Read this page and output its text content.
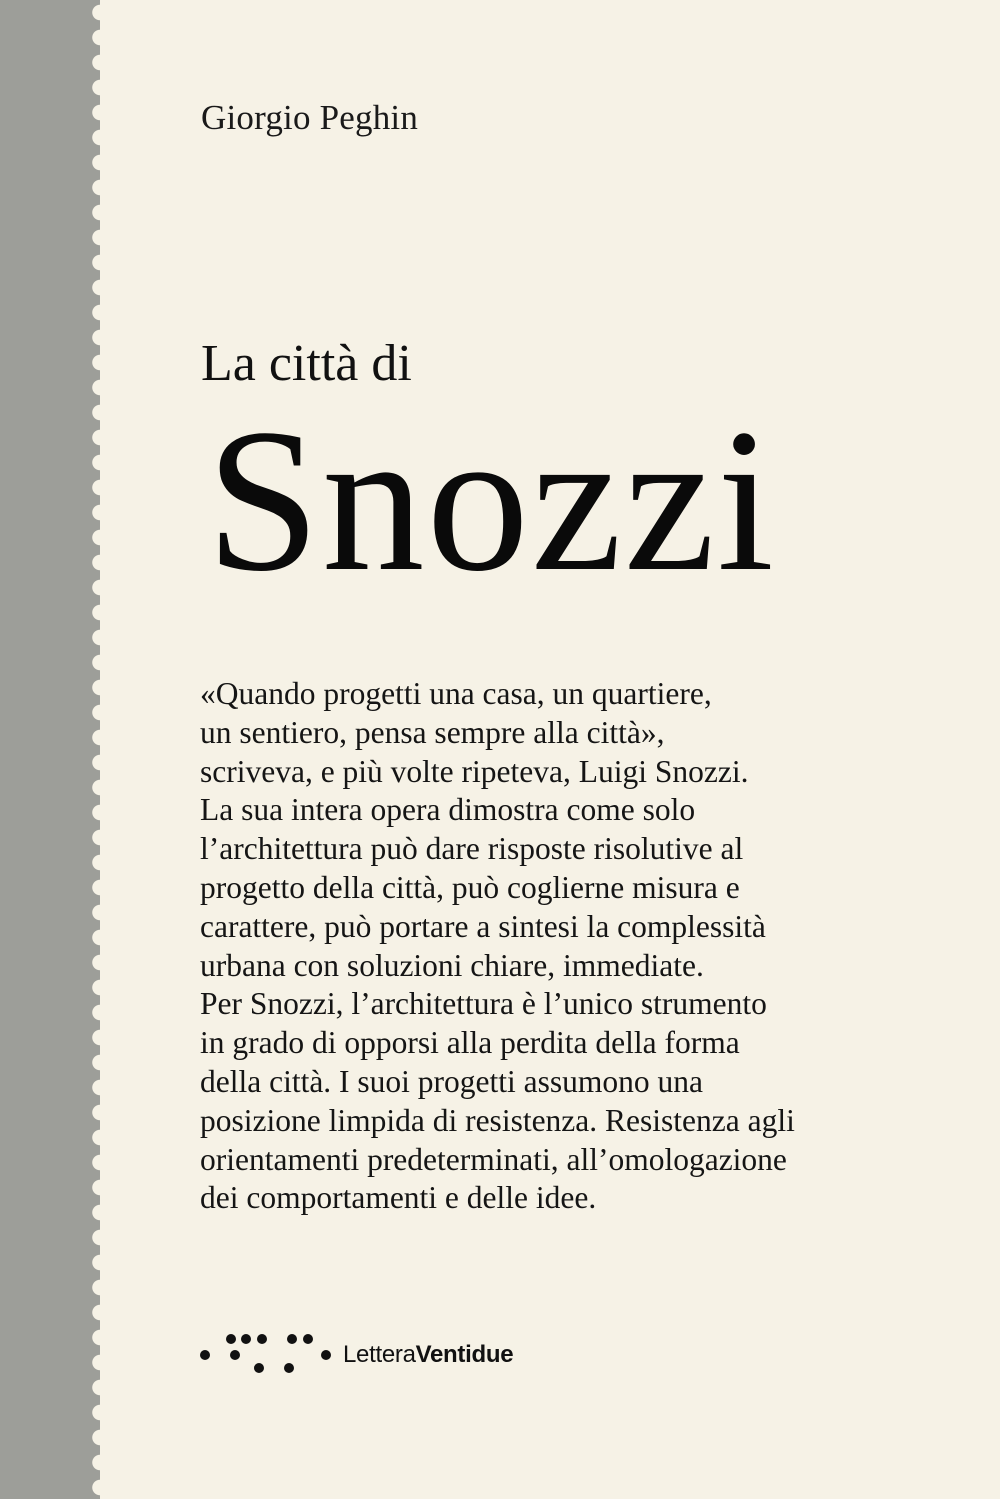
Giorgio Peghin
La città di
Snozzi
«Quando progetti una casa, un quartiere,
un sentiero, pensa sempre alla città»,
scriveva, e più volte ripeteva, Luigi Snozzi.
La sua intera opera dimostra come solo
l’architettura può dare risposte risolutive al
progetto della città, può coglierne misura e
carattere, può portare a sintesi la complessità
urbana con soluzioni chiare, immediate.
Per Snozzi, l’architettura è l’unico strumento
in grado di opporsi alla perdita della forma
della città. I suoi progetti assumono una
posizione limpida di resistenza. Resistenza agli
orientamenti predeterminati, all’omologazione
dei comportamenti e delle idee.
LetteraVentidue
